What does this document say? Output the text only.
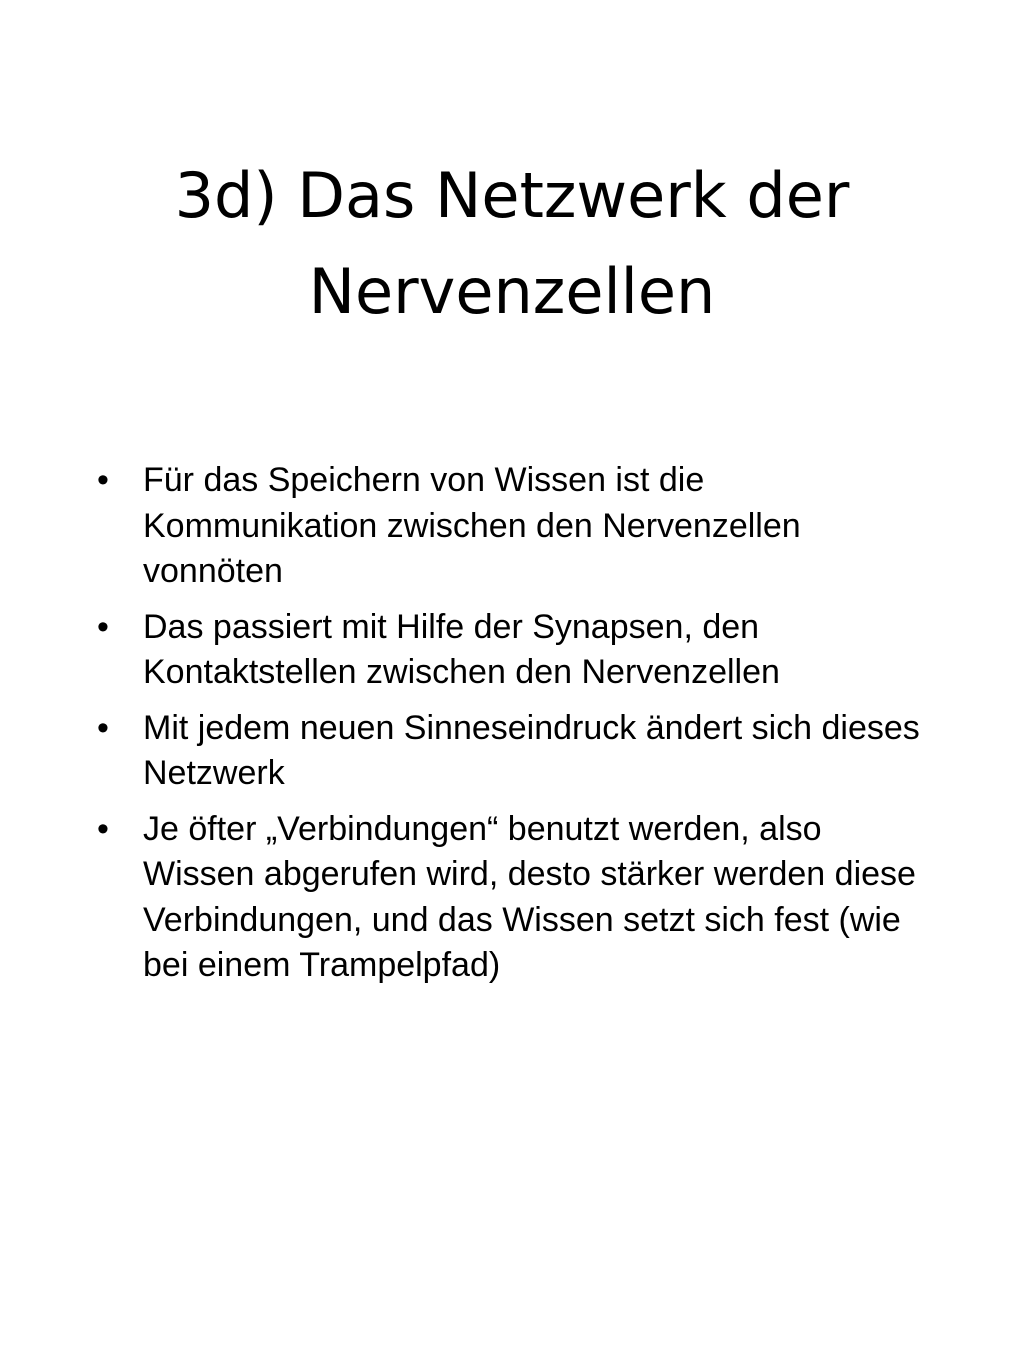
3d) Das Netzwerk der Nervenzellen
• Für das Speichern von Wissen ist die Kommunikation zwischen den Nervenzellen vonnöten
• Das passiert mit Hilfe der Synapsen, den Kontaktstellen zwischen den Nervenzellen
• Mit jedem neuen Sinneseindruck ändert sich dieses Netzwerk
• Je öfter „Verbindungen“ benutzt werden, also Wissen abgerufen wird, desto stärker werden diese Verbindungen, und das Wissen setzt sich fest (wie bei einem Trampelpfad)
